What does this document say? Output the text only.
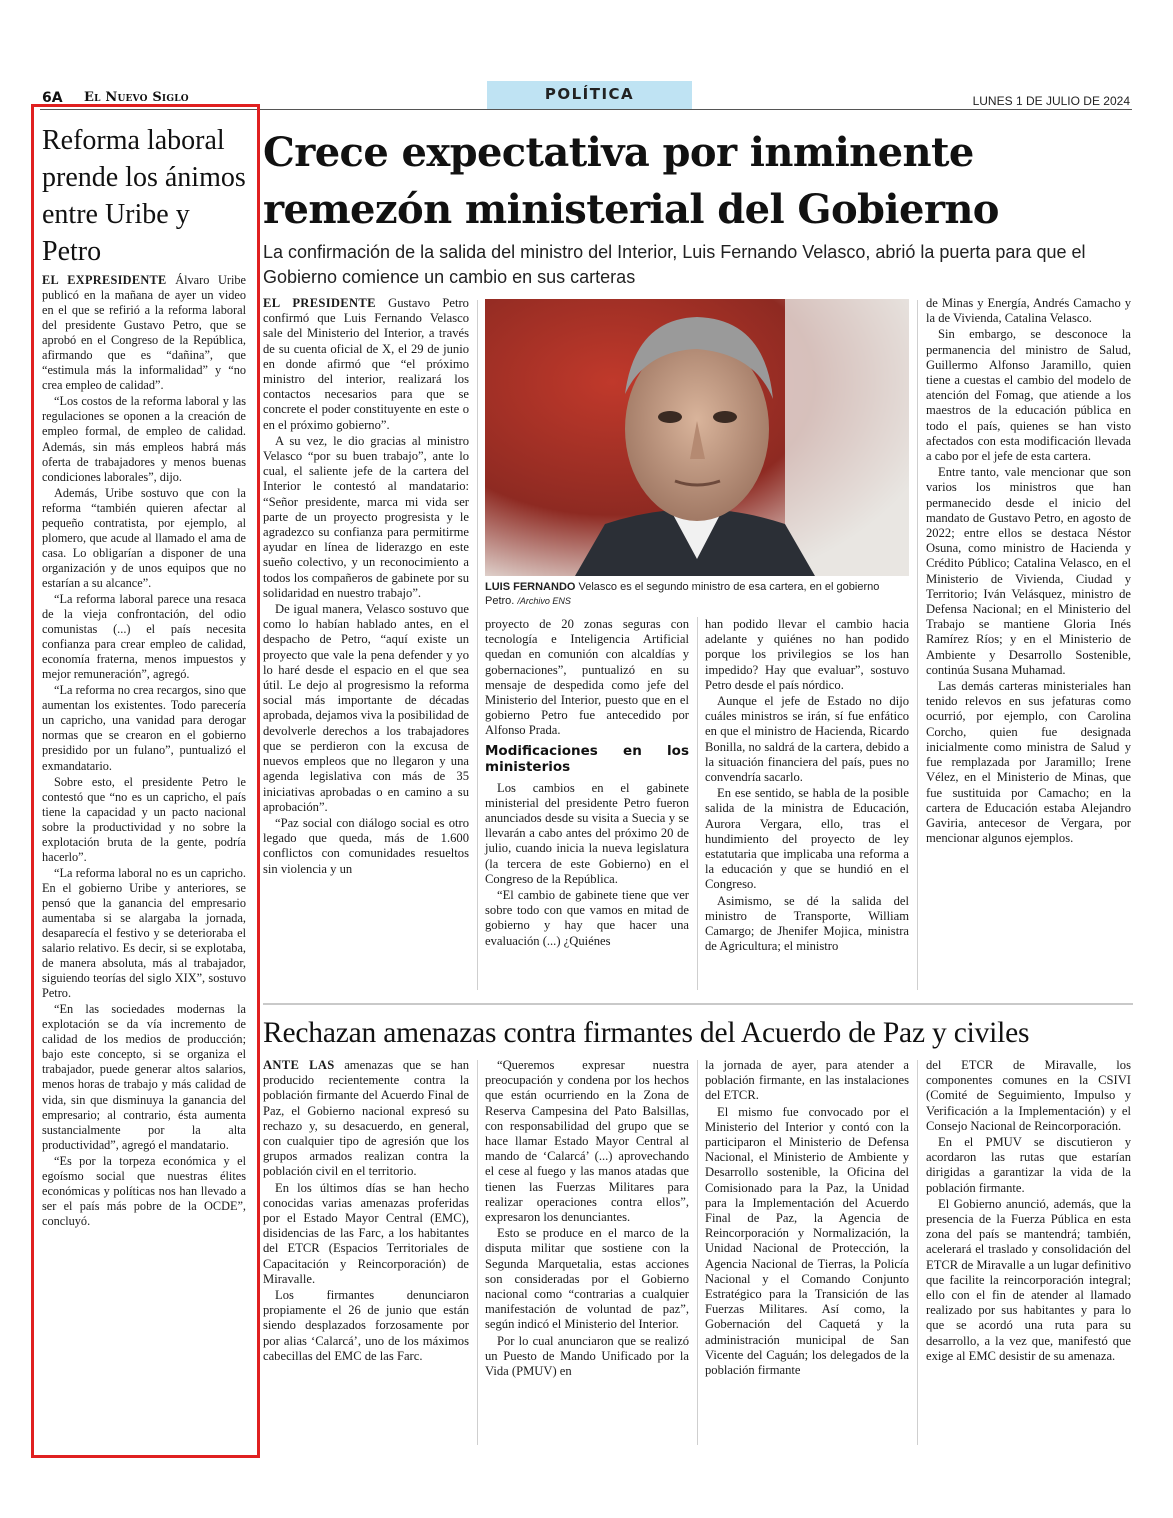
6A El Nuevo Siglo	POLÍTICA	LUNES 1 DE JULIO DE 2024
Reforma laboral prende los ánimos entre Uribe y Petro

EL EXPRESIDENTE Álvaro Uribe publicó en la mañana de ayer un video en el que se refirió a la reforma laboral del presidente Gustavo Petro, que se aprobó en el Congreso de la República, afirmando que es “dañina”, que “estimula más la informalidad” y “no crea empleo de calidad”.

“Los costos de la reforma laboral y las regulaciones se oponen a la creación de empleo formal, de empleo de calidad. Además, sin más empleos habrá más oferta de trabajadores y menos buenas condiciones laborales”, dijo.

Además, Uribe sostuvo que con la reforma “también quieren afectar al pequeño contratista, por ejemplo, al plomero, que acude al llamado el ama de casa. Lo obligarían a disponer de una organización y de unos equipos que no estarían a su alcance”.

“La reforma laboral parece una resaca de la vieja confrontación, del odio comunistas (...) el país necesita confianza para crear empleo de calidad, economía fraterna, menos impuestos y mejor remuneración”, agregó.

“La reforma no crea recargos, sino que aumentan los existentes. Todo parecería un capricho, una vanidad para derogar normas que se crearon en el gobierno presidido por un fulano”, puntualizó el exmandatario.

Sobre esto, el presidente Petro le contestó que “no es un capricho, el país tiene la capacidad y un pacto nacional sobre la productividad y no sobre la explotación bruta de la gente, podría hacerlo”.

“La reforma laboral no es un capricho. En el gobierno Uribe y anteriores, se pensó que la ganancia del empresario aumentaba si se alargaba la jornada, desaparecía el festivo y se deterioraba el salario relativo. Es decir, si se explotaba, de manera absoluta, más al trabajador, siguiendo teorías del siglo XIX”, sostuvo Petro.

“En las sociedades modernas la explotación se da vía incremento de calidad de los medios de producción; bajo este concepto, si se organiza el trabajador, puede generar altos salarios, menos horas de trabajo y más calidad de vida, sin que disminuya la ganancia del empresario; al contrario, ésta aumenta sustancialmente por la alta productividad”, agregó el mandatario.

“Es por la torpeza económica y el egoísmo social que nuestras élites económicas y políticas nos han llevado a ser el país más pobre de la OCDE”, concluyó.

Crece expectativa por inminente remezón ministerial del Gobierno
La confirmación de la salida del ministro del Interior, Luis Fernando Velasco, abrió la puerta para que el Gobierno comience un cambio en sus carteras
LUIS FERNANDO Velasco es el segundo ministro de esa cartera, en el gobierno Petro. /Archivo ENS

EL PRESIDENTE Gustavo Petro confirmó que Luis Fernando Velasco sale del Ministerio del Interior, a través de su cuenta oficial de X, el 29 de junio en donde afirmó que “el próximo ministro del interior, realizará los contactos necesarios para que se concrete el poder constituyente en este o en el próximo gobierno”.

A su vez, le dio gracias al ministro Velasco “por su buen trabajo”, ante lo cual, el saliente jefe de la cartera del Interior le contestó al mandatario: “Señor presidente, marca mi vida ser parte de un proyecto progresista y le agradezco su confianza para permitirme ayudar en línea de liderazgo en este sueño colectivo, y un reconocimiento a todos los compañeros de gabinete por su solidaridad en nuestro trabajo”.

De igual manera, Velasco sostuvo que como lo habían hablado antes, en el despacho de Petro, “aquí existe un proyecto que vale la pena defender y yo lo haré desde el espacio en el que sea útil. Le dejo al progresismo la reforma social más importante de décadas aprobada, dejamos viva la posibilidad de devolverle derechos a los trabajadores que se perdieron con la excusa de nuevos empleos que no llegaron y una agenda legislativa con más de 35 iniciativas aprobadas o en camino a su aprobación”.

“Paz social con diálogo social es otro legado que queda, más de 1.600 conflictos con comunidades resueltos sin violencia y un

proyecto de 20 zonas seguras con tecnología e Inteligencia Artificial quedan en comunión con alcaldías y gobernaciones”, puntualizó en su mensaje de despedida como jefe del Ministerio del Interior, puesto que en el gobierno Petro fue antecedido por Alfonso Prada.

Modificaciones en los ministerios

Los cambios en el gabinete ministerial del presidente Petro fueron anunciados desde su visita a Suecia y se llevarán a cabo antes del próximo 20 de julio, cuando inicia la nueva legislatura (la tercera de este Gobierno) en el Congreso de la República.

“El cambio de gabinete tiene que ver sobre todo con que vamos en mitad de gobierno y hay que hacer una evaluación (...) ¿Quiénes

han podido llevar el cambio hacia adelante y quiénes no han podido porque los privilegios se los han impedido? Hay que evaluar”, sostuvo Petro desde el país nórdico.

Aunque el jefe de Estado no dijo cuáles ministros se irán, sí fue enfático en que el ministro de Hacienda, Ricardo Bonilla, no saldrá de la cartera, debido a la situación financiera del país, pues no convendría sacarlo.

En ese sentido, se habla de la posible salida de la ministra de Educación, Aurora Vergara, ello, tras el hundimiento del proyecto de ley estatutaria que implicaba una reforma a la educación y que se hundió en el Congreso.

Asimismo, se dé la salida del ministro de Transporte, William Camargo; de Jhenifer Mojica, ministra de Agricultura; el ministro

de Minas y Energía, Andrés Camacho y la de Vivienda, Catalina Velasco.

Sin embargo, se desconoce la permanencia del ministro de Salud, Guillermo Alfonso Jaramillo, quien tiene a cuestas el cambio del modelo de atención del Fomag, que atiende a los maestros de la educación pública en todo el país, quienes se han visto afectados con esta modificación llevada a cabo por el jefe de esta cartera.

Entre tanto, vale mencionar que son varios los ministros que han permanecido desde el inicio del mandato de Gustavo Petro, en agosto de 2022; entre ellos se destaca Néstor Osuna, como ministro de Hacienda y Crédito Público; Catalina Velasco, en el Ministerio de Vivienda, Ciudad y Territorio; Iván Velásquez, ministro de Defensa Nacional; en el Ministerio del Trabajo se mantiene Gloria Inés Ramírez Ríos; y en el Ministerio de Ambiente y Desarrollo Sostenible, continúa Susana Muhamad.

Las demás carteras ministeriales han tenido relevos en sus jefaturas como ocurrió, por ejemplo, con Carolina Corcho, quien fue designada inicialmente como ministra de Salud y fue remplazada por Jaramillo; Irene Vélez, en el Ministerio de Minas, que fue sustituida por Camacho; en la cartera de Educación estaba Alejandro Gaviria, antecesor de Vergara, por mencionar algunos ejemplos.

Rechazan amenazas contra firmantes del Acuerdo de Paz y civiles

ANTE LAS amenazas que se han producido recientemente contra la población firmante del Acuerdo Final de Paz, el Gobierno nacional expresó su rechazo y, su desacuerdo, en general, con cualquier tipo de agresión que los grupos armados realizan contra la población civil en el territorio.

En los últimos días se han hecho conocidas varias amenazas proferidas por el Estado Mayor Central (EMC), disidencias de las Farc, a los habitantes del ETCR (Espacios Territoriales de Capacitación y Reincorporación) de Miravalle.

Los firmantes denunciaron propiamente el 26 de junio que están siendo desplazados forzosamente por por alias ‘Calarcá’, uno de los máximos cabecillas del EMC de las Farc.

“Queremos expresar nuestra preocupación y condena por los hechos que están ocurriendo en la Zona de Reserva Campesina del Pato Balsillas, con responsabilidad del grupo que se hace llamar Estado Mayor Central al mando de ‘Calarcá’ (...) aprovechando el cese al fuego y las manos atadas que tienen las Fuerzas Militares para realizar operaciones contra ellos”, expresaron los denunciantes.

Esto se produce en el marco de la disputa militar que sostiene con la Segunda Marquetalia, estas acciones son consideradas por el Gobierno nacional como “contrarias a cualquier manifestación de voluntad de paz”, según indicó el Ministerio del Interior.

Por lo cual anunciaron que se realizó un Puesto de Mando Unificado por la Vida (PMUV) en

la jornada de ayer, para atender a población firmante, en las instalaciones del ETCR.

El mismo fue convocado por el Ministerio del Interior y contó con la participaron el Ministerio de Defensa Nacional, el Ministerio de Ambiente y Desarrollo sostenible, la Oficina del Comisionado para la Paz, la Unidad para la Implementación del Acuerdo Final de Paz, la Agencia de Reincorporación y Normalización, la Unidad Nacional de Protección, la Agencia Nacional de Tierras, la Policía Nacional y el Comando Conjunto Estratégico para la Transición de las Fuerzas Militares. Así como, la Gobernación del Caquetá y la administración municipal de San Vicente del Caguán; los delegados de la población firmante

del ETCR de Miravalle, los componentes comunes en la CSIVI (Comité de Seguimiento, Impulso y Verificación a la Implementación) y el Consejo Nacional de Reincorporación.

En el PMUV se discutieron y acordaron las rutas que estarían dirigidas a garantizar la vida de la población firmante.

El Gobierno anunció, además, que la presencia de la Fuerza Pública en esta zona del país se mantendrá; también, acelerará el traslado y consolidación del ETCR de Miravalle a un lugar definitivo que facilite la reincorporación integral; ello con el fin de atender al llamado realizado por sus habitantes y para lo que se acordó una ruta para su desarrollo, a la vez que, manifestó que exige al EMC desistir de su amenaza.
